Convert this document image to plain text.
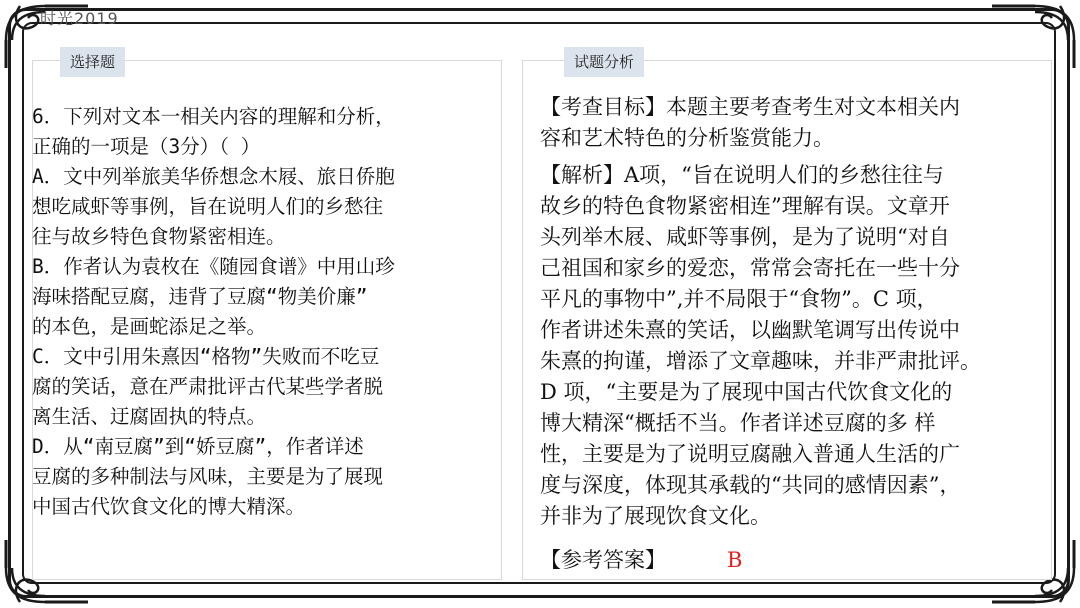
时光2019
选择题	试题分析
6．下列对文本一相关内容的理解和分析，
正确的一项是（3分）（ ）
A．文中列举旅美华侨想念木屐、旅日侨胞
想吃咸虾等事例，旨在说明人们的乡愁往
往与故乡特色食物紧密相连。
B．作者认为袁枚在《随园食谱》中用山珍
海味搭配豆腐，违背了豆腐“物美价廉”
的本色，是画蛇添足之举。
C．文中引用朱熹因“格物”失败而不吃豆
腐的笑话，意在严肃批评古代某些学者脱
离生活、迂腐固执的特点。
D．从“南豆腐”到“娇豆腐”，作者详述
豆腐的多种制法与风味，主要是为了展现
中国古代饮食文化的博大精深。
【考查目标】本题主要考查考生对文本相关内
容和艺术特色的分析鉴赏能力。
【解析】A项，“旨在说明人们的乡愁往往与
故乡的特色食物紧密相连”理解有误。文章开
头列举木屐、咸虾等事例，是为了说明“对自
己祖国和家乡的爱恋，常常会寄托在一些十分
平凡的事物中”,并不局限于“食物”。C 项，
作者讲述朱熹的笑话，以幽默笔调写出传说中
朱熹的拘谨，增添了文章趣味，并非严肃批评。
D 项，“主要是为了展现中国古代饮食文化的
博大精深“概括不当。作者详述豆腐的多 样
性，主要是为了说明豆腐融入普通人生活的广
度与深度，体现其承载的“共同的感情因素”，
并非为了展现饮食文化。
【参考答案】	B
